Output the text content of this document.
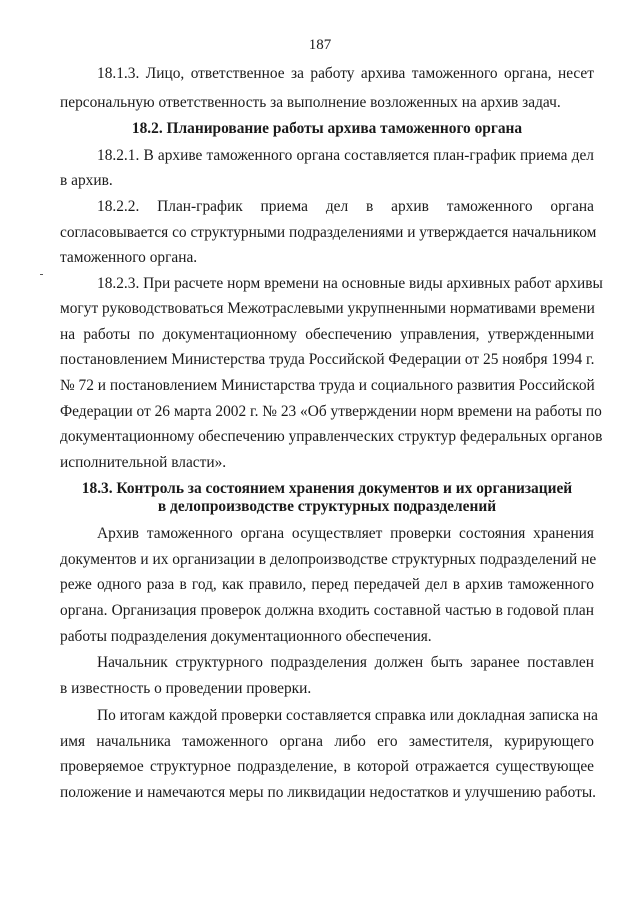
187
18.1.3. Лицо, ответственное за работу архива таможенного органа, несет
персональную ответственность за выполнение возложенных на архив задач.
18.2. Планирование работы архива таможенного органа
18.2.1. В архиве таможенного органа составляется план-график приема дел
в архив.
18.2.2. План-график приема дел в архив таможенного органа
согласовывается со структурными подразделениями и утверждается начальником
таможенного органа.
18.2.3. При расчете норм времени на основные виды архивных работ архивы
могут руководствоваться Межотраслевыми укрупненными нормативами времени
на работы по документационному обеспечению управления, утвержденными
постановлением Министерства труда Российской Федерации от 25 ноября 1994 г.
№ 72 и постановлением Министарства труда и социального развития Российской
Федерации от 26 марта 2002 г. № 23 «Об утверждении норм времени на работы по
документационному обеспечению управленческих структур федеральных органов
исполнительной власти».
18.3. Контроль за состоянием хранения документов и их организацией
в делопроизводстве структурных подразделений
Архив таможенного органа осуществляет проверки состояния хранения
документов и их организации в делопроизводстве структурных подразделений не
реже одного раза в год, как правило, перед передачей дел в архив таможенного
органа. Организация проверок должна входить составной частью в годовой план
работы подразделения документационного обеспечения.
Начальник структурного подразделения должен быть заранее поставлен
в известность о проведении проверки.
По итогам каждой проверки составляется справка или докладная записка на
имя начальника таможенного органа либо его заместителя, курирующего
проверяемое структурное подразделение, в которой отражается существующее
положение и намечаются меры по ликвидации недостатков и улучшению работы.
